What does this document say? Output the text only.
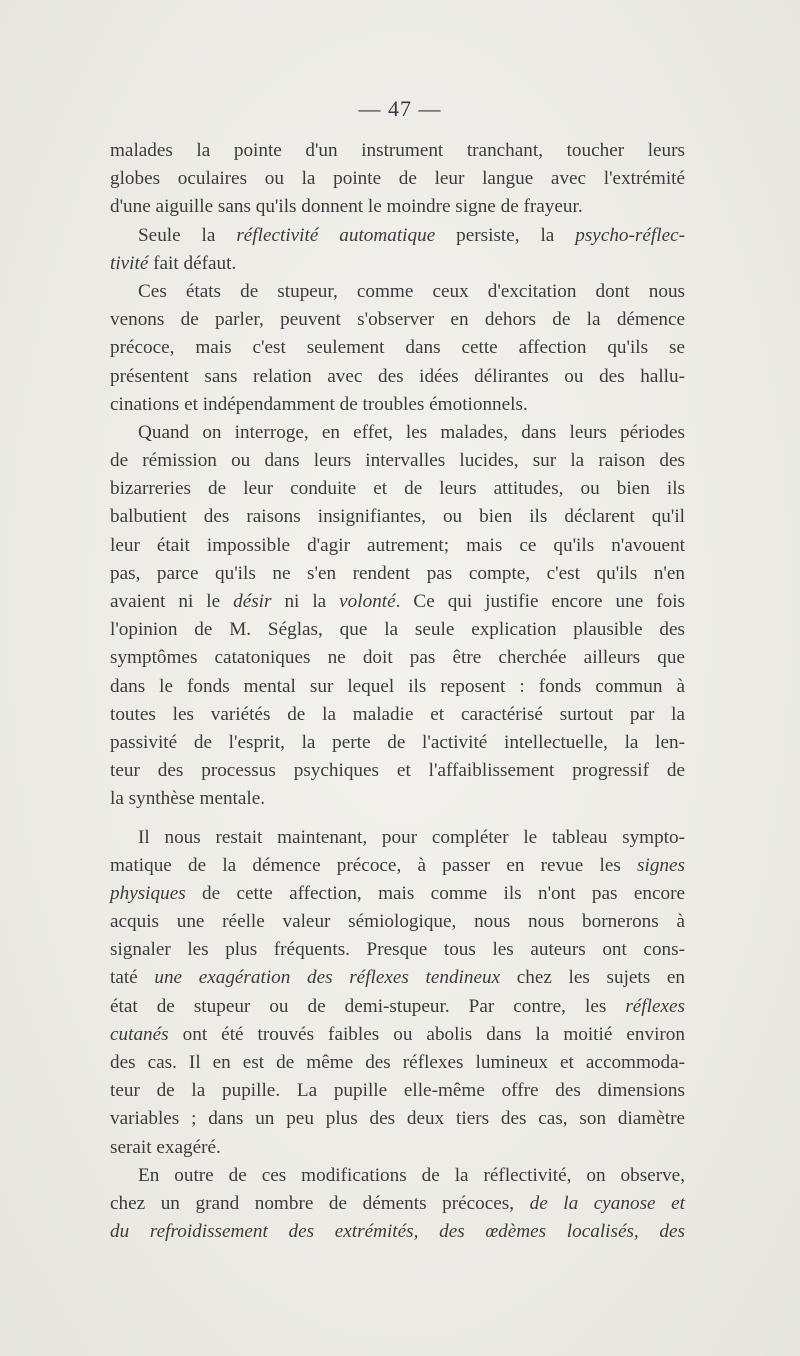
— 47 —
malades la pointe d'un instrument tranchant, toucher leurs
globes oculaires ou la pointe de leur langue avec l'extrémité
d'une aiguille sans qu'ils donnent le moindre signe de frayeur.
Seule la réflectivité automatique persiste, la psycho-réflec-
tivité fait défaut.
Ces états de stupeur, comme ceux d'excitation dont nous
venons de parler, peuvent s'observer en dehors de la démence
précoce, mais c'est seulement dans cette affection qu'ils se
présentent sans relation avec des idées délirantes ou des hallu-
cinations et indépendamment de troubles émotionnels.
Quand on interroge, en effet, les malades, dans leurs périodes
de rémission ou dans leurs intervalles lucides, sur la raison des
bizarreries de leur conduite et de leurs attitudes, ou bien ils
balbutient des raisons insignifiantes, ou bien ils déclarent qu'il
leur était impossible d'agir autrement; mais ce qu'ils n'avouent
pas, parce qu'ils ne s'en rendent pas compte, c'est qu'ils n'en
avaient ni le désir ni la volonté. Ce qui justifie encore une fois
l'opinion de M. Séglas, que la seule explication plausible des
symptômes catatoniques ne doit pas être cherchée ailleurs que
dans le fonds mental sur lequel ils reposent : fonds commun à
toutes les variétés de la maladie et caractérisé surtout par la
passivité de l'esprit, la perte de l'activité intellectuelle, la len-
teur des processus psychiques et l'affaiblissement progressif de
la synthèse mentale.
Il nous restait maintenant, pour compléter le tableau sympto-
matique de la démence précoce, à passer en revue les signes
physiques de cette affection, mais comme ils n'ont pas encore
acquis une réelle valeur sémiologique, nous nous bornerons à
signaler les plus fréquents. Presque tous les auteurs ont cons-
taté une exagération des réflexes tendineux chez les sujets en
état de stupeur ou de demi-stupeur. Par contre, les réflexes
cutanés ont été trouvés faibles ou abolis dans la moitié environ
des cas. Il en est de même des réflexes lumineux et accommoda-
teur de la pupille. La pupille elle-même offre des dimensions
variables ; dans un peu plus des deux tiers des cas, son diamètre
serait exagéré.
En outre de ces modifications de la réflectivité, on observe,
chez un grand nombre de déments précoces, de la cyanose et
du refroidissement des extrémités, des œdèmes localisés, des
